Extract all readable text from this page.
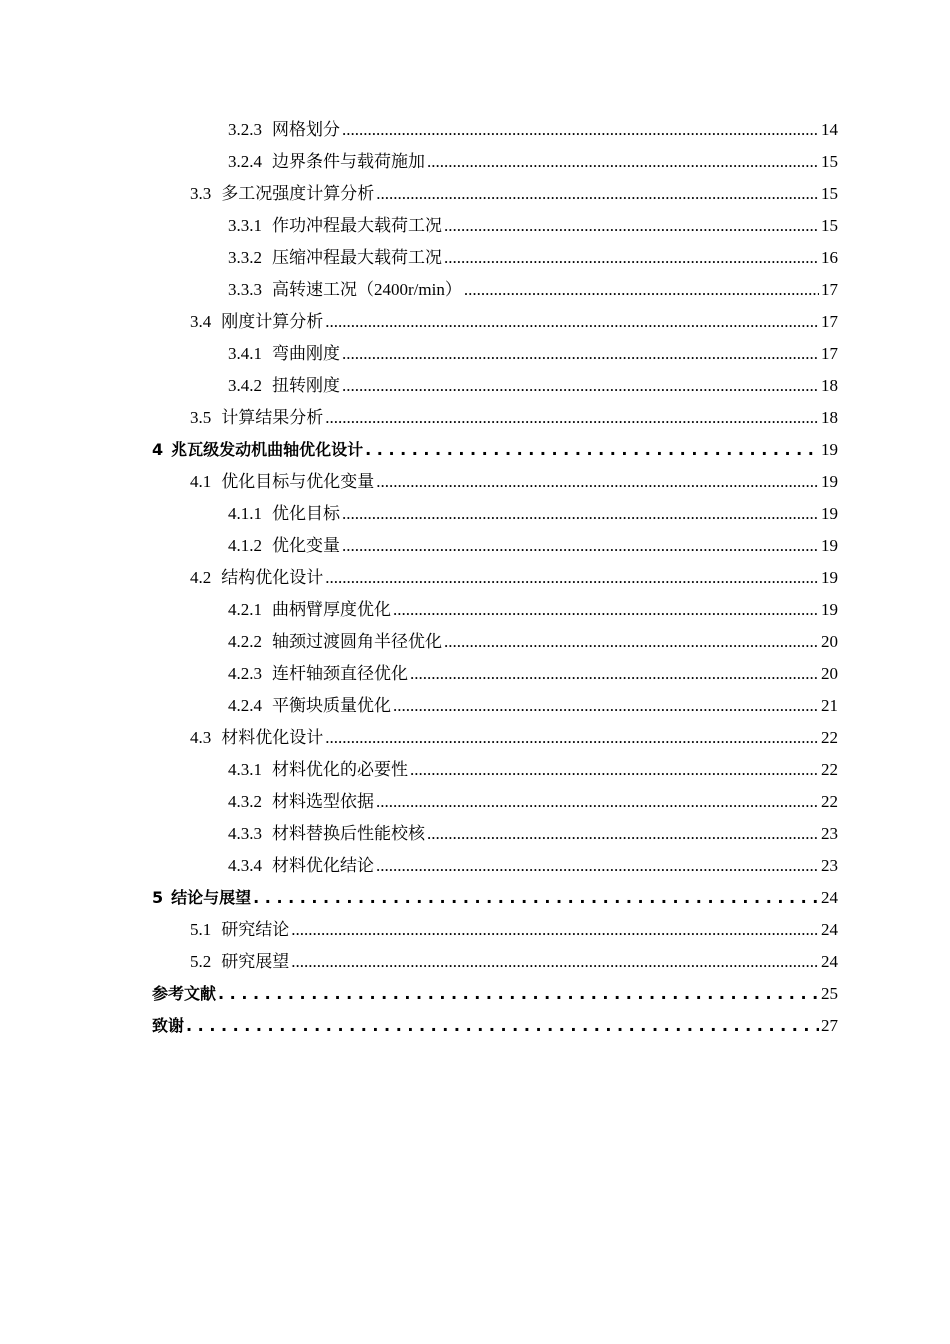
3.2.3 网格划分 .....	14
3.2.4 边界条件与载荷施加 .....	15
3.3 多工况强度计算分析 .....	15
3.3.1 作功冲程最大载荷工况 .....	15
3.3.2 压缩冲程最大载荷工况 .....	16
3.3.3 高转速工况（2400r/min） .....	17
3.4 刚度计算分析 .....	17
3.4.1 弯曲刚度 .....	17
3.4.2 扭转刚度 .....	18
3.5 计算结果分析 .....	18
4 兆瓦级发动机曲轴优化设计 . . .	19
4.1 优化目标与优化变量 .....	19
4.1.1 优化目标 .....	19
4.1.2 优化变量 .....	19
4.2 结构优化设计 .....	19
4.2.1 曲柄臂厚度优化 .....	19
4.2.2 轴颈过渡圆角半径优化 .....	20
4.2.3 连杆轴颈直径优化 .....	20
4.2.4 平衡块质量优化 .....	21
4.3 材料优化设计 .....	22
4.3.1 材料优化的必要性 .....	22
4.3.2 材料选型依据 .....	22
4.3.3 材料替换后性能校核 .....	23
4.3.4 材料优化结论 .....	23
5 结论与展望 . . .	24
5.1 研究结论 .....	24
5.2 研究展望 .....	24
参考文献 . . .	25
致谢 . . .	27
